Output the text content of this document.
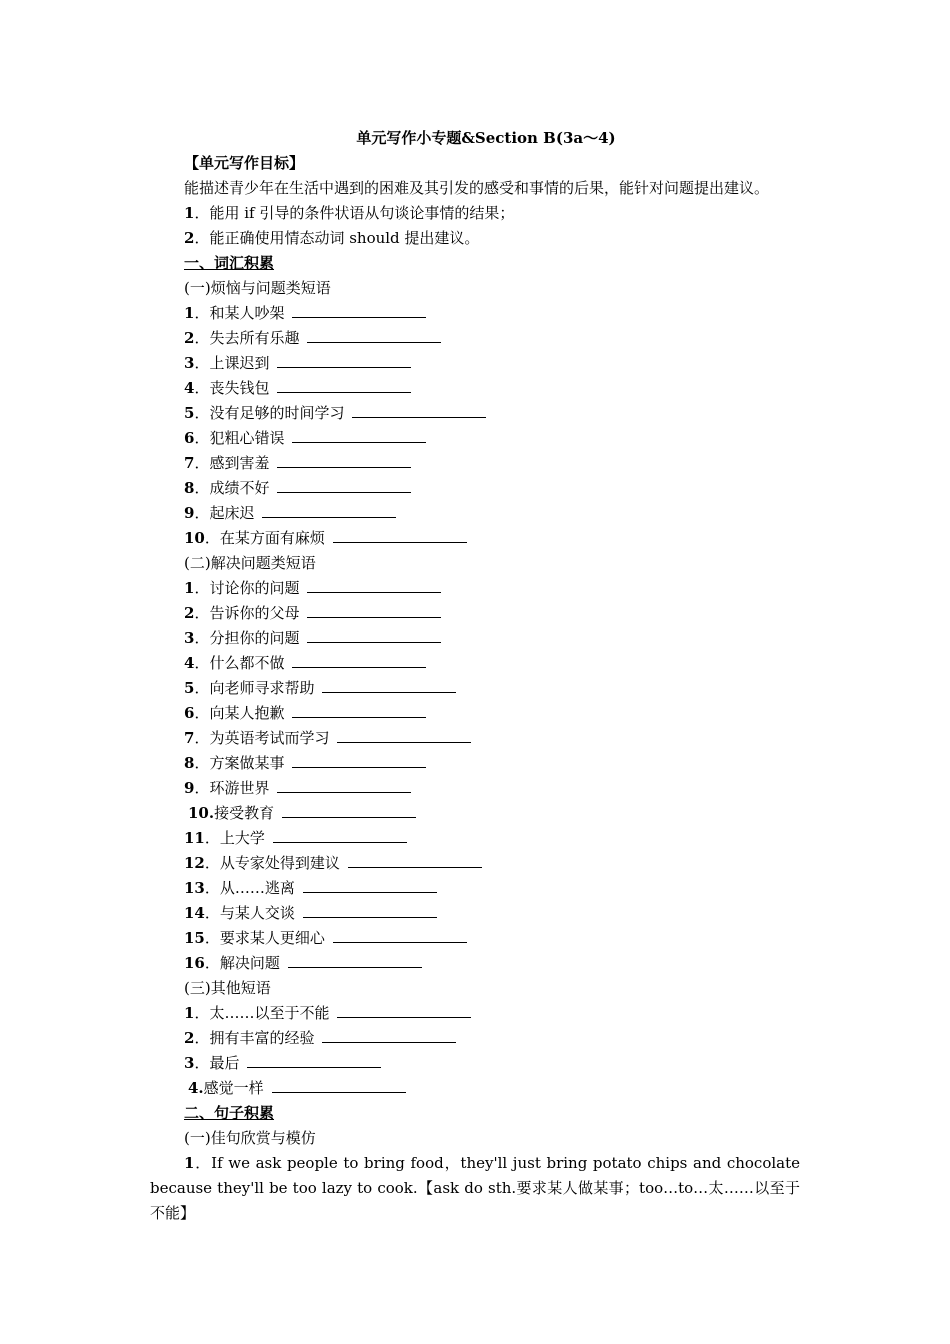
单元写作小专题&Section B(3a～4)
【单元写作目标】
能描述青少年在生活中遇到的困难及其引发的感受和事情的后果，能针对问题提出建议。
1．能用 if 引导的条件状语从句谈论事情的结果；
2．能正确使用情态动词 should 提出建议。
一、词汇积累
(一)烦恼与问题类短语
1．和某人吵架
2．失去所有乐趣
3．上课迟到
4．丧失钱包
5．没有足够的时间学习
6．犯粗心错误
7．感到害羞
8．成绩不好
9．起床迟
10．在某方面有麻烦
(二)解决问题类短语
1．讨论你的问题
2．告诉你的父母
3．分担你的问题
4．什么都不做
5．向老师寻求帮助
6．向某人抱歉
7．为英语考试而学习
8．方案做某事
9．环游世界
10.接受教育
11．上大学
12．从专家处得到建议
13．从……逃离
14．与某人交谈
15．要求某人更细心
16．解决问题
(三)其他短语
1．太……以至于不能
2．拥有丰富的经验
3．最后
4.感觉一样
二、句子积累
(一)佳句欣赏与模仿
1．If we ask people to bring food，they'll just bring potato chips and chocolate because they'll be too lazy to cook.【ask do sth.要求某人做某事；too…to…太……以至于不能】
